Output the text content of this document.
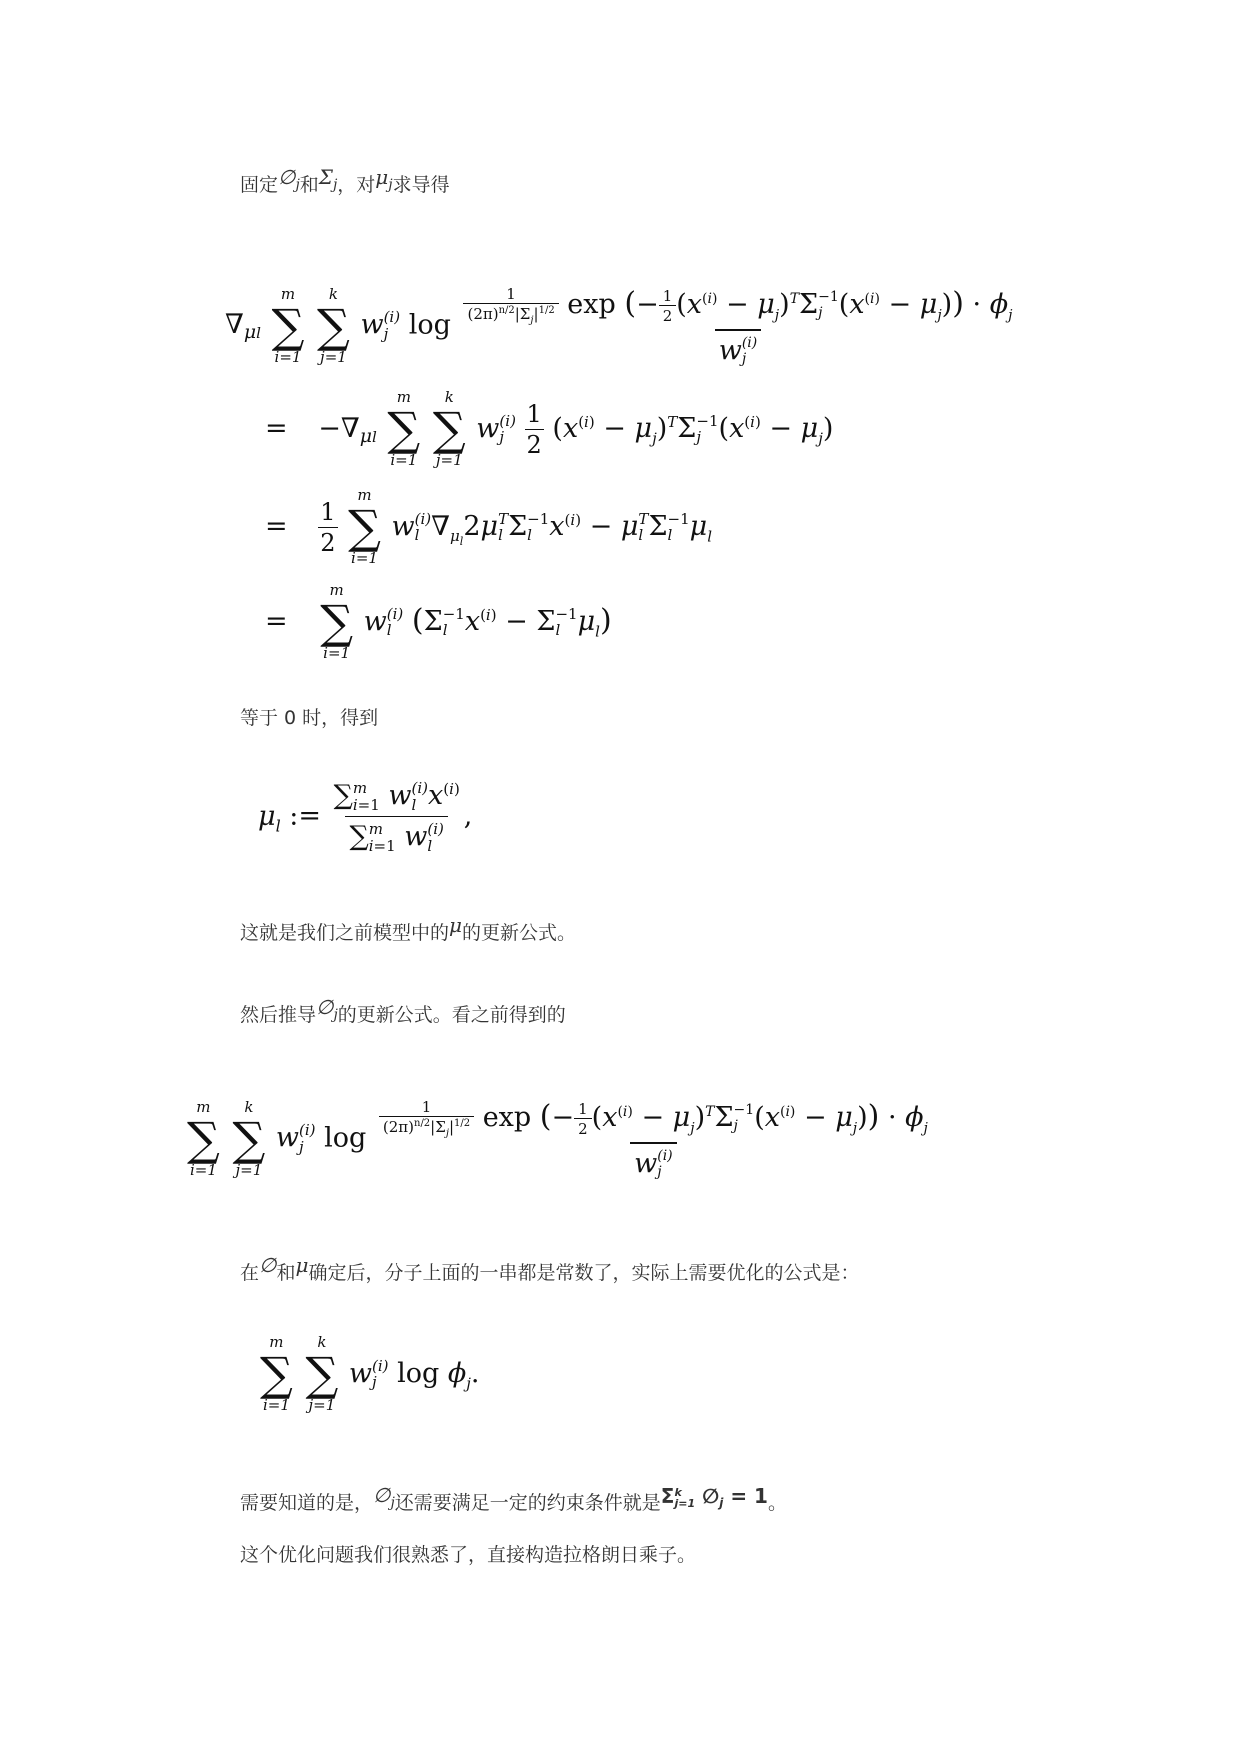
固定$\emptyset_j$和$\Sigma_j$，对$\mu_j$求导得
∇μl
m
∑
i=1

k
∑
j=1
w (i)
j $\log \frac{1}{(2\pi)^{n/2}|\Sigma_j|^{1/2}}$ exp (− $\frac{1}{2} (x^{(i)} - \mu_j)^T\Sigma -1$
j $(x^{(i)} - \mu_j)) \cdot \phi_j$
w (i)
j
= −∇μl
m
∑
i=1

k
∑
j=1
w (i)
j
$\frac{1}{2} (x^{(i)} - \mu_j)^T\Sigma -1$
j $(x^{(i)} - \mu_j)$
= $\frac{1}{2}$

m
∑
i=1
w (i)
l $\nabla_{\mu_l}2\mu$ T
l Σ −1
l $x^{(i)} - \mu$ T
l Σ −1
l $\mu_l$
=
m
∑
i=1
w (i)
l (Σ −1
l $x^{(i)} - \Sigma -1$
l $\mu_l$)
等于 0 时，得到
$\mu_l$ := ∑ m
i=1 w (i)
l $x^{(i)}$
∑ m
i=1 w (i)
l ,
这就是我们之前模型中的μ的更新公式。
然后推导$\emptyset_j$的更新公式。看之前得到的
m
∑
i=1

k
∑
j=1
w (i)
j $\log \frac{1}{(2\pi)^{n/2}|\Sigma_j|^{1/2}}$ exp (− $\frac{1}{2} (x^{(i)} - \mu_j)^T\Sigma -1$
j $(x^{(i)} - \mu_j)) \cdot \phi_j$
w (i)
j
在∅和μ确定后，分子上面的一串都是常数了，实际上需要优化的公式是：
m
∑
i=1

k
∑
j=1
w (i)
j $\log \phi_j$.
需要知道的是，$\emptyset_j$还需要满足一定的约束条件就是Σ k
j=1 $\emptyset_j = 1$。
这个优化问题我们很熟悉了，直接构造拉格朗日乘子。
